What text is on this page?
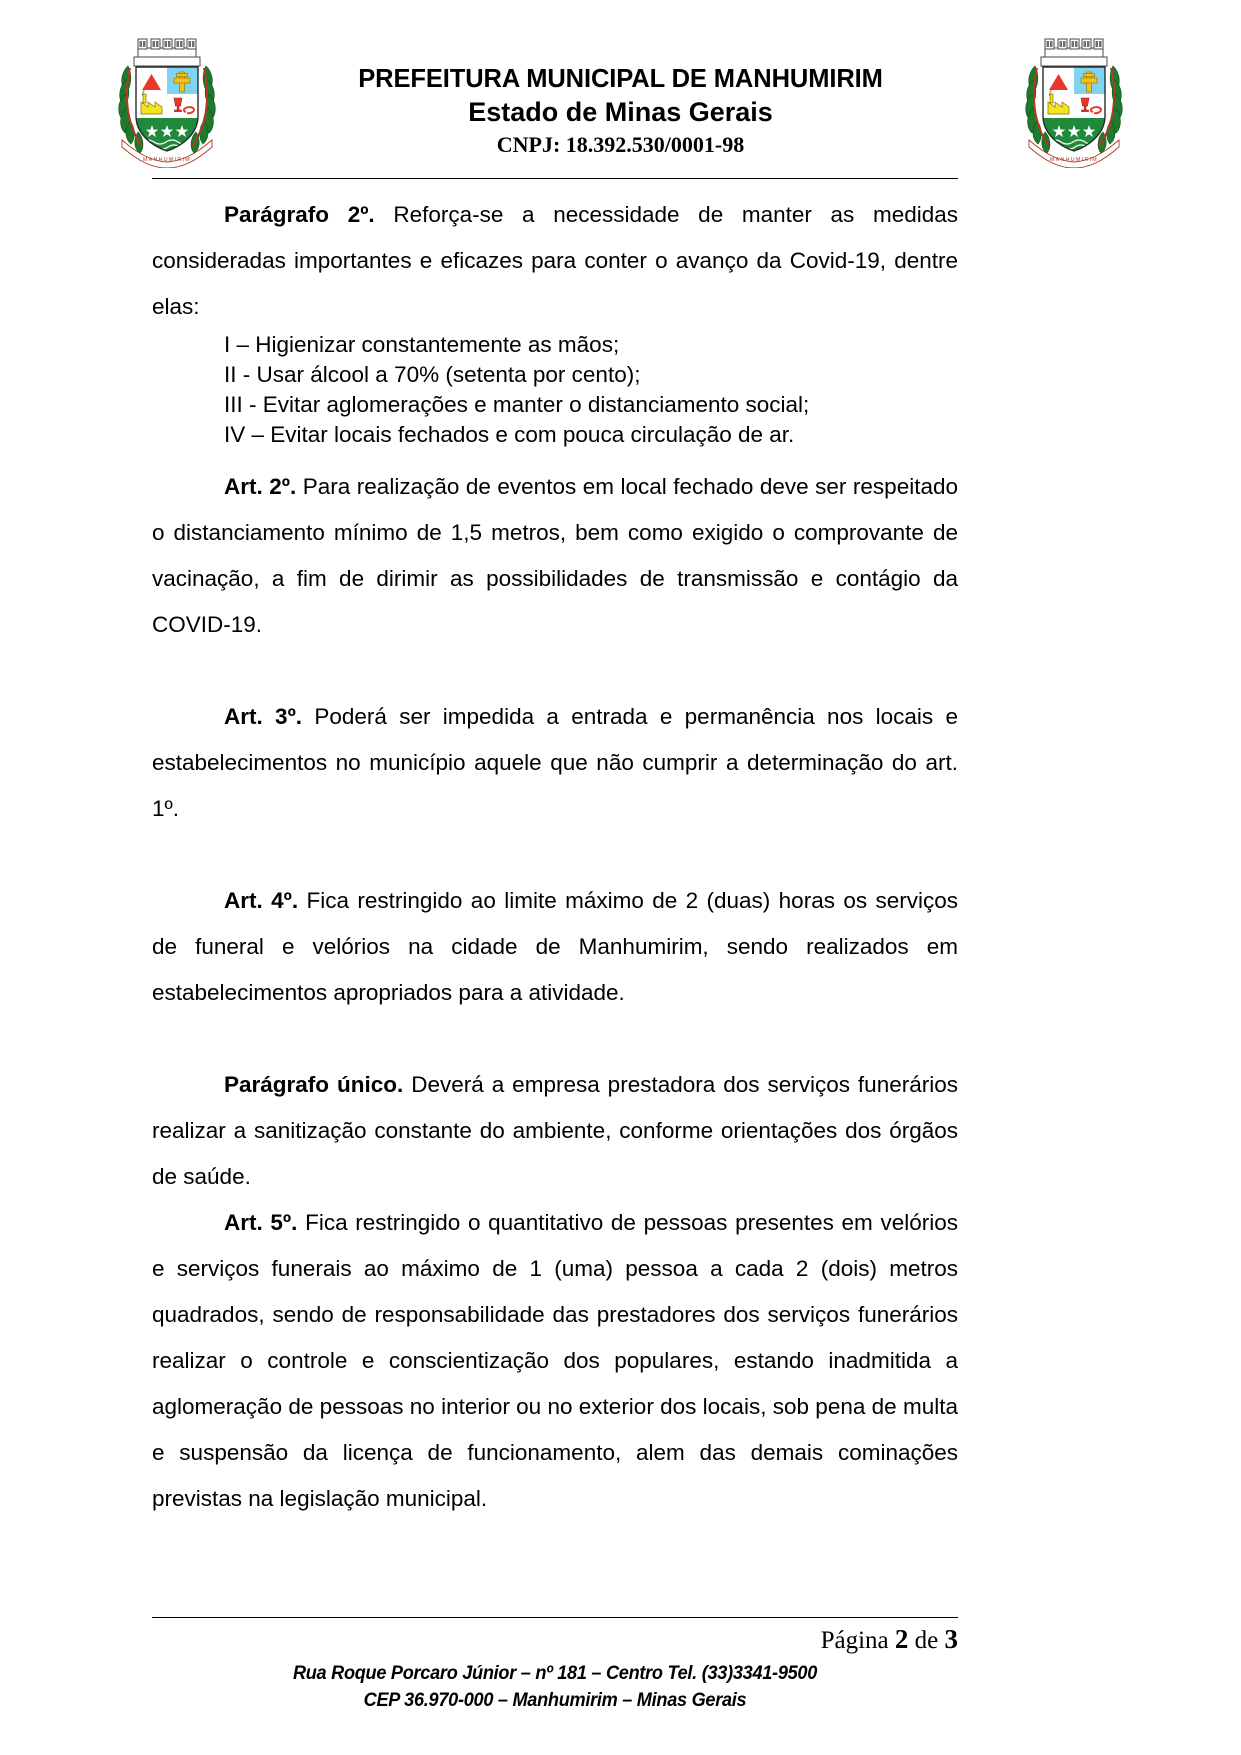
MANHUMIRIM
PREFEITURA MUNICIPAL DE MANHUMIRIM
Estado de Minas Gerais
CNPJ: 18.392.530/0001-98
MANHUMIRIM

Parágrafo 2º. Reforça-se a necessidade de manter as medidas consideradas importantes e eficazes para conter o avanço da Covid-19, dentre elas:

I – Higienizar constantemente as mãos;
II - Usar álcool a 70% (setenta por cento);
III - Evitar aglomerações e manter o distanciamento social;
IV – Evitar locais fechados e com pouca circulação de ar.

Art. 2º. Para realização de eventos em local fechado deve ser respeitado o distanciamento mínimo de 1,5 metros, bem como exigido o comprovante de vacinação, a fim de dirimir as possibilidades de transmissão e contágio da COVID-19.

Art. 3º. Poderá ser impedida a entrada e permanência nos locais e estabelecimentos no município aquele que não cumprir a determinação do art. 1º.

Art. 4º. Fica restringido ao limite máximo de 2 (duas) horas os serviços de funeral e velórios na cidade de Manhumirim, sendo realizados em estabelecimentos apropriados para a atividade.

Parágrafo único. Deverá a empresa prestadora dos serviços funerários realizar a sanitização constante do ambiente, conforme orientações dos órgãos de saúde.

Art. 5º. Fica restringido o quantitativo de pessoas presentes em velórios e serviços funerais ao máximo de 1 (uma) pessoa a cada 2 (dois) metros quadrados, sendo de responsabilidade das prestadores dos serviços funerários realizar o controle e conscientização dos populares, estando inadmitida a aglomeração de pessoas no interior ou no exterior dos locais, sob pena de multa e suspensão da licença de funcionamento, alem das demais cominações previstas na legislação municipal.

Página 2 de 3
Rua Roque Porcaro Júnior – nº 181 – Centro Tel. (33)3341-9500
CEP 36.970-000 – Manhumirim – Minas Gerais
